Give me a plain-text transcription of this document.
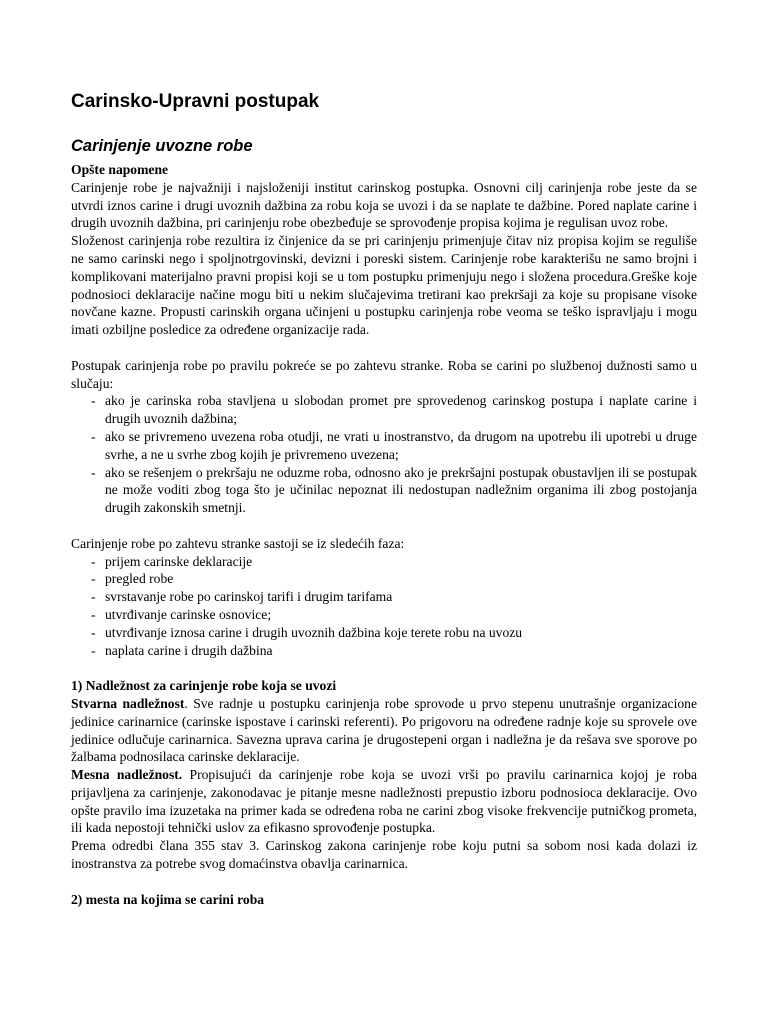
Carinsko-Upravni postupak
Carinjenje uvozne robe
Opšte napomene

Carinjenje robe je najvažniji i najsloženiji institut carinskog postupka. Osnovni cilj carinjenja robe jeste da se utvrdi iznos carine i drugi uvoznih dažbina za robu koja se uvozi i da se naplate te dažbine. Pored naplate carine i drugih uvoznih dažbina, pri carinjenju robe obezbeđuje se sprovođenje propisa kojima je regulisan uvoz robe.

Složenost carinjenja robe rezultira iz činjenice da se pri carinjenju primenjuje čitav niz propisa kojim se reguliše ne samo carinski nego i spoljnotrgovinski, devizni i poreski sistem. Carinjenje robe karakterišu ne samo brojni i komplikovani materijalno pravni propisi koji se u tom postupku primenjuju nego i složena procedura.Greške koje podnosioci deklaracije načine mogu biti u nekim slučajevima tretirani kao prekršaji za koje su propisane visoke novčane kazne. Propusti carinskih organa učinjeni u postupku carinjenja robe veoma se teško ispravljaju i mogu imati ozbiljne posledice za određene organizacije rada.

Postupak carinjenja robe po pravilu pokreće se po zahtevu stranke. Roba se carini po službenoj dužnosti samo u slučaju:

- ako je carinska roba stavljena u slobodan promet pre sprovedenog carinskog postupa i naplate carine i drugih uvoznih dažbina;
- ako se privremeno uvezena roba otudji, ne vrati u inostranstvo, da drugom na upotrebu ili upotrebi u druge svrhe, a ne u svrhe zbog kojih je privremeno uvezena;
- ako se rešenjem o prekršaju ne oduzme roba, odnosno ako je prekršajni postupak obustavljen ili se postupak ne može voditi zbog toga što je učinilac nepoznat ili nedostupan nadležnim organima ili zbog postojanja drugih zakonskih smetnji.

Carinjenje robe po zahtevu stranke sastoji se iz sledećih faza:

- prijem carinske deklaracije
- pregled robe
- svrstavanje robe po carinskoj tarifi i drugim tarifama
- utvrđivanje carinske osnovice;
- utvrđivanje iznosa carine i drugih uvoznih dažbina koje terete robu na uvozu
- naplata carine i drugih dažbina
1) Nadležnost za carinjenje robe koja se uvozi

Stvarna nadležnost. Sve radnje u postupku carinjenja robe sprovode u prvo stepenu unutrašnje organizacione jedinice carinarnice (carinske ispostave i carinski referenti). Po prigovoru na određene radnje koje su sprovele ove jedinice odlučuje carinarnica. Savezna uprava carina je drugostepeni organ i nadležna je da rešava sve sporove po žalbama podnosilaca carinske deklaracije.

Mesna nadležnost. Propisujući da carinjenje robe koja se uvozi vrši po pravilu carinarnica kojoj je roba prijavljena za carinjenje, zakonodavac je pitanje mesne nadležnosti prepustio izboru podnosioca deklaracije. Ovo opšte pravilo ima izuzetaka na primer kada se određena roba ne carini zbog visoke frekvencije putničkog prometa, ili kada nepostoji tehnički uslov za efikasno sprovođenje postupka.

Prema odredbi člana 355 stav 3. Carinskog zakona carinjenje robe koju putni sa sobom nosi kada dolazi iz inostranstva za potrebe svog domaćinstva obavlja carinarnica.

2) mesta na kojima se carini roba
